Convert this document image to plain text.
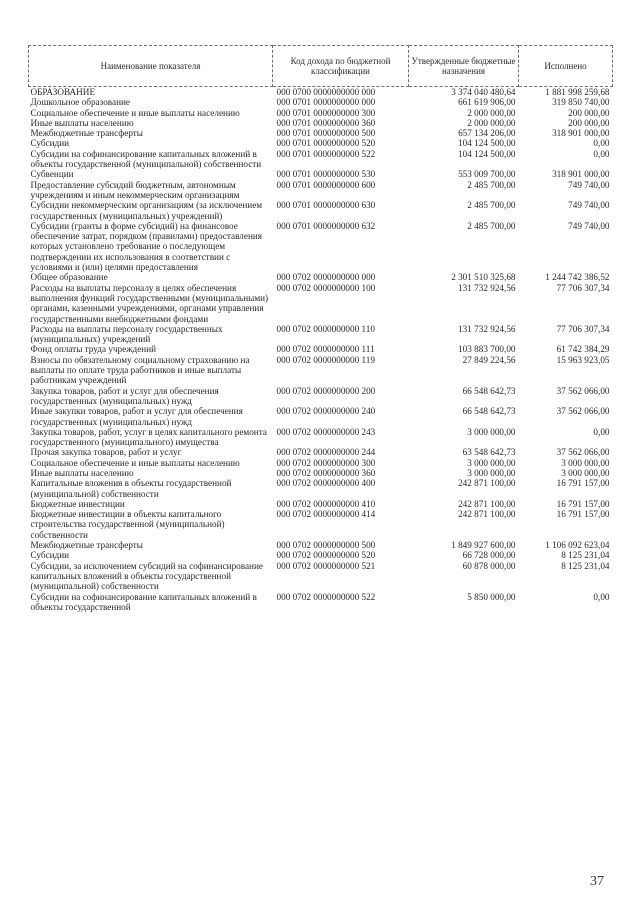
Наименование показателя	Код дохода по бюджетной классификации	Утвержденные бюджетные назначения	Исполнено
ОБРАЗОВАНИЕ	000 0700 0000000000 000	3 374 040 480,64	1 881 998 259,68
Дошкольное образование	000 0701 0000000000 000	661 619 906,00	319 850 740,00
Социальное обеспечение и иные выплаты населению	000 0701 0000000000 300	2 000 000,00	200 000,00
Иные выплаты населению	000 0701 0000000000 360	2 000 000,00	200 000,00
Межбюджетные трансферты	000 0701 0000000000 500	657 134 206,00	318 901 000,00
Субсидии	000 0701 0000000000 520	104 124 500,00	0,00
Субсидии на софинансирование капитальных вложений в объекты государственной (муниципальной) собственности	000 0701 0000000000 522	104 124 500,00	0,00
Субвенции	000 0701 0000000000 530	553 009 700,00	318 901 000,00
Предоставление субсидий бюджетным, автономным учреждениям и иным некоммерческим организациям	000 0701 0000000000 600	2 485 700,00	749 740,00
Субсидии некоммерческим организациям (за исключением государственных (муниципальных) учреждений)	000 0701 0000000000 630	2 485 700,00	749 740,00
Субсидии (гранты в форме субсидий) на финансовое обеспечение затрат, порядком (правилами) предоставления которых установлено требование о последующем подтверждении их использования в соответствии с условиями и (или) целями предоставления	000 0701 0000000000 632	2 485 700,00	749 740,00
Общее образование	000 0702 0000000000 000	2 301 510 325,68	1 244 742 386,52
Расходы на выплаты персоналу в целях обеспечения выполнения функций государственными (муниципальными) органами, казенными учреждениями, органами управления государственными внебюджетными фондами	000 0702 0000000000 100	131 732 924,56	77 706 307,34
Расходы на выплаты персоналу государственных (муниципальных) учреждений	000 0702 0000000000 110	131 732 924,56	77 706 307,34
Фонд оплаты труда учреждений	000 0702 0000000000 111	103 883 700,00	61 742 384,29
Взносы по обязательному социальному страхованию на выплаты по оплате труда работников и иные выплаты работникам учреждений	000 0702 0000000000 119	27 849 224,56	15 963 923,05
Закупка товаров, работ и услуг для обеспечения государственных (муниципальных) нужд	000 0702 0000000000 200	66 548 642,73	37 562 066,00
Иные закупки товаров, работ и услуг для обеспечения государственных (муниципальных) нужд	000 0702 0000000000 240	66 548 642,73	37 562 066,00
Закупка товаров, работ, услуг в целях капитального ремонта государственного (муниципального) имущества	000 0702 0000000000 243	3 000 000,00	0,00
Прочая закупка товаров, работ и услуг	000 0702 0000000000 244	63 548 642,73	37 562 066,00
Социальное обеспечение и иные выплаты населению	000 0702 0000000000 300	3 000 000,00	3 000 000,00
Иные выплаты населению	000 0702 0000000000 360	3 000 000,00	3 000 000,00
Капитальные вложения в объекты государственной (муниципальной) собственности	000 0702 0000000000 400	242 871 100,00	16 791 157,00
Бюджетные инвестиции	000 0702 0000000000 410	242 871 100,00	16 791 157,00
Бюджетные инвестиции в объекты капитального строительства государственной (муниципальной) собственности	000 0702 0000000000 414	242 871 100,00	16 791 157,00
Межбюджетные трансферты	000 0702 0000000000 500	1 849 927 600,00	1 106 092 623,04
Субсидии	000 0702 0000000000 520	66 728 000,00	8 125 231,04
Субсидии, за исключением субсидий на софинансирование капитальных вложений в объекты государственной (муниципальной) собственности	000 0702 0000000000 521	60 878 000,00	8 125 231,04
Субсидии на софинансирование капитальных вложений в объекты государственной	000 0702 0000000000 522	5 850 000,00	0,00
37
